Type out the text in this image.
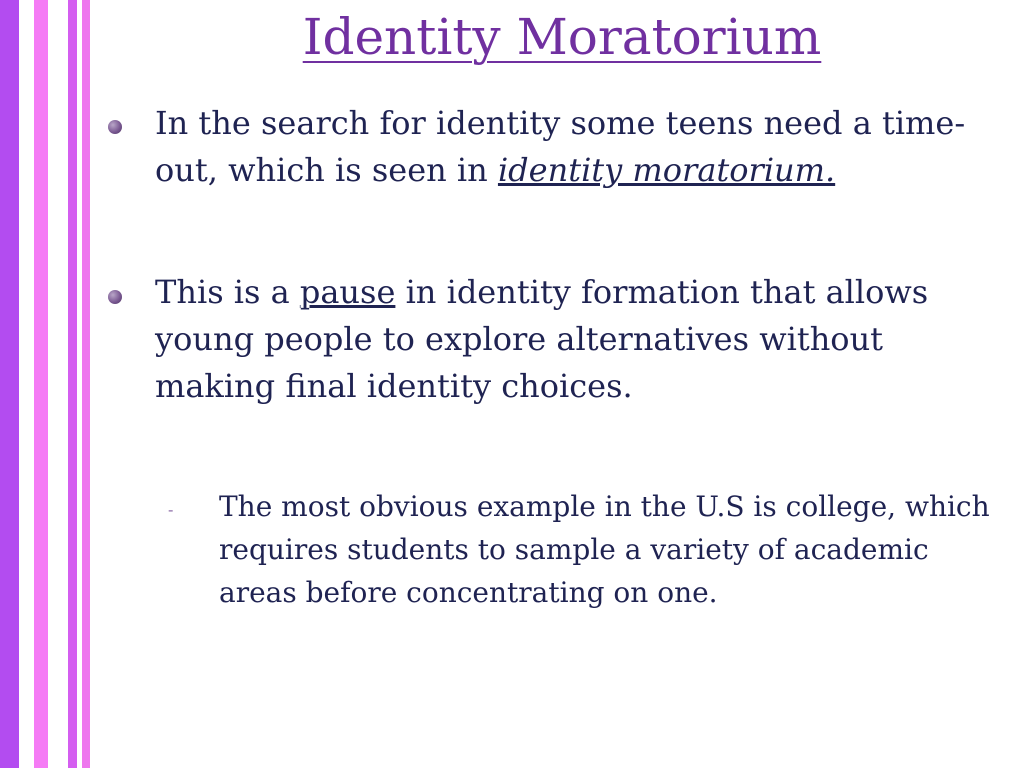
Identity Moratorium

In the search for identity some teens need a time-out, which is seen in identity moratorium.

This is a pause in identity formation that allows young people to explore alternatives without making final identity choices.

- The most obvious example in the U.S is college, which requires students to sample a variety of academic areas before concentrating on one.
